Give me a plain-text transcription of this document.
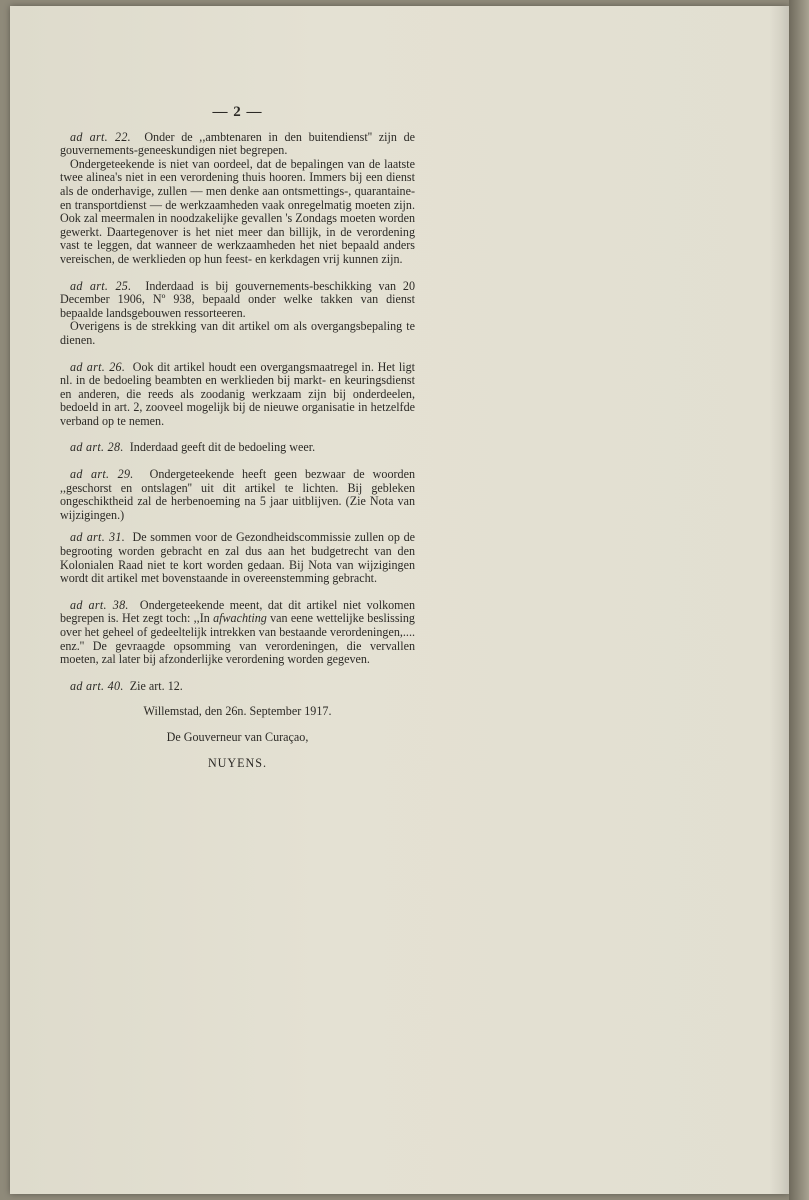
— 2 —

ad art. 22. Onder de ,,ambtenaren in den buitendienst'' zijn de gouvernements-geneeskundigen niet begrepen.

Ondergeteekende is niet van oordeel, dat de bepalingen van de laatste twee alinea's niet in een verordening thuis hooren. Immers bij een dienst als de onderhavige, zullen — men denke aan ontsmettings-, quarantaine- en transportdienst — de werkzaamheden vaak onregelmatig moeten zijn. Ook zal meermalen in noodzakelijke gevallen 's Zondags moeten worden gewerkt. Daartegenover is het niet meer dan billijk, in de verordening vast te leggen, dat wanneer de werkzaamheden het niet bepaald anders vereischen, de werklieden op hun feest- en kerkdagen vrij kunnen zijn.

ad art. 25. Inderdaad is bij gouvernements-beschikking van 20 December 1906, Nº 938, bepaald onder welke takken van dienst bepaalde landsgebouwen ressorteeren.

Overigens is de strekking van dit artikel om als overgangsbepaling te dienen.

ad art. 26. Ook dit artikel houdt een overgangsmaatregel in. Het ligt nl. in de bedoeling beambten en werklieden bij markt- en keuringsdienst en anderen, die reeds als zoodanig werkzaam zijn bij onderdeelen, bedoeld in art. 2, zooveel mogelijk bij de nieuwe organisatie in hetzelfde verband op te nemen.

ad art. 28. Inderdaad geeft dit de bedoeling weer.

ad art. 29. Ondergeteekende heeft geen bezwaar de woorden ,,geschorst en ontslagen'' uit dit artikel te lichten. Bij gebleken ongeschiktheid zal de herbenoeming na 5 jaar uitblijven. (Zie Nota van wijzigingen.)

ad art. 31. De sommen voor de Gezondheidscommissie zullen op de begrooting worden gebracht en zal dus aan het budgetrecht van den Kolonialen Raad niet te kort worden gedaan. Bij Nota van wijzigingen wordt dit artikel met bovenstaande in overeenstemming gebracht.

ad art. 38. Ondergeteekende meent, dat dit artikel niet volkomen begrepen is. Het zegt toch: ,,In afwachting van eene wettelijke beslissing over het geheel of gedeeltelijk intrekken van bestaande verordeningen,.... enz.'' De gevraagde opsomming van verordeningen, die vervallen moeten, zal later bij afzonderlijke verordening worden gegeven.

ad art. 40. Zie art. 12.

Willemstad, den 26n. September 1917.

De Gouverneur van Curaçao,

NUYENS.
